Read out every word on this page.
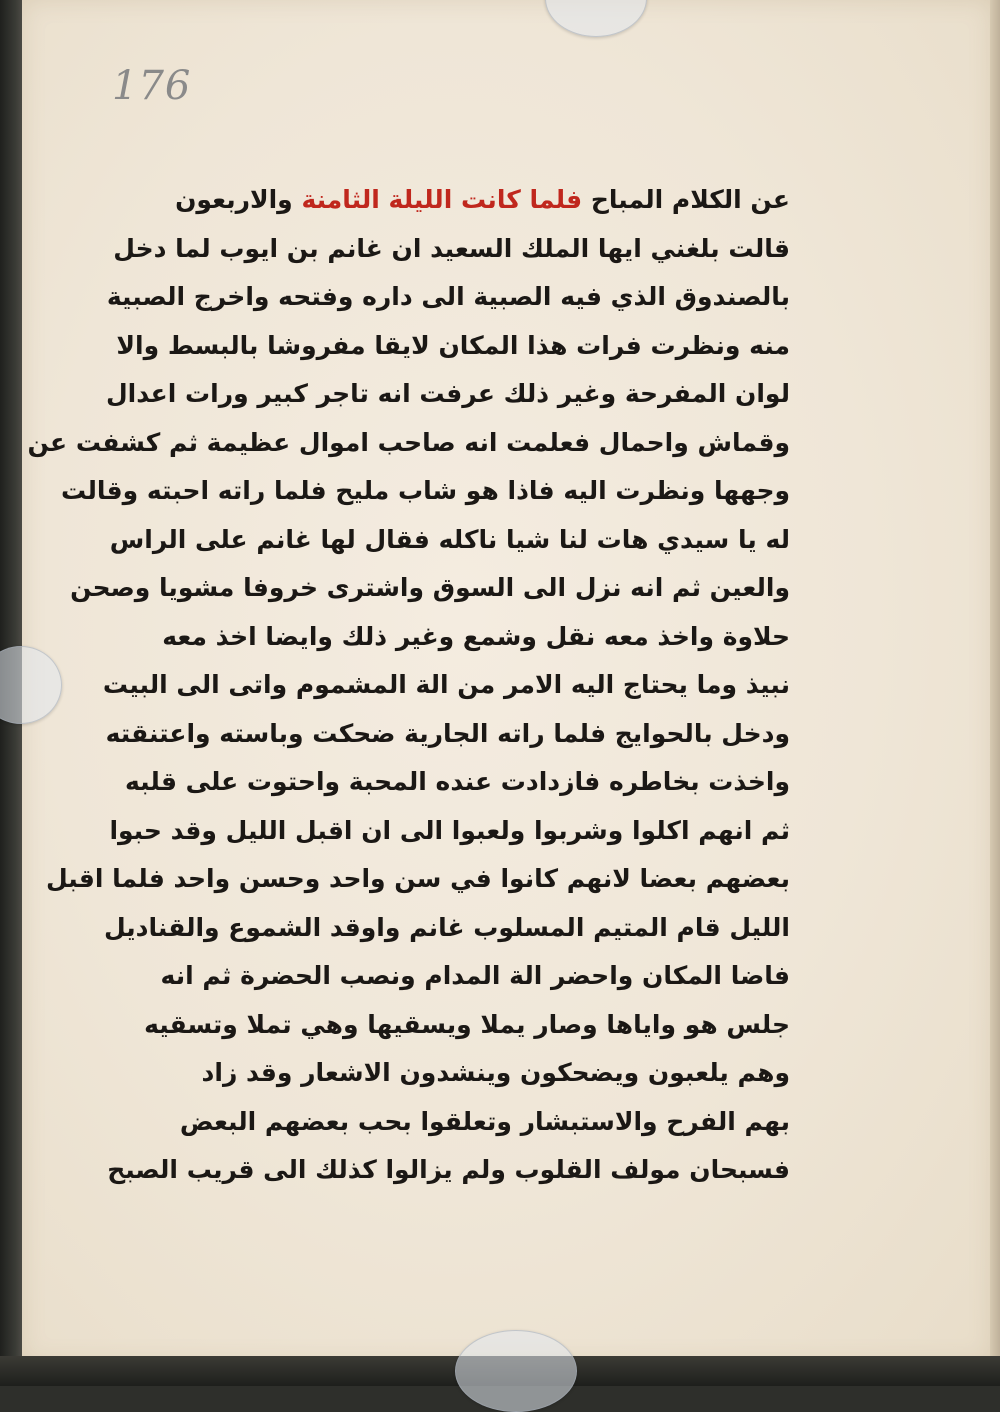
176
عن الكلام المباح فلما كانت الليلة الثامنة والاربعون
قالت بلغني ايها الملك السعيد ان غانم بن ايوب لما دخل
بالصندوق الذي فيه الصبية الى داره وفتحه واخرج الصبية
منه ونظرت فرات هذا المكان لايقا مفروشا بالبسط والا
لوان المفرحة وغير ذلك عرفت انه تاجر كبير ورات اعدال
وقماش واحمال فعلمت انه صاحب اموال عظيمة ثم كشفت عن
وجهها ونظرت اليه فاذا هو شاب مليح فلما راته احبته وقالت
له يا سيدي هات لنا شيا ناكله فقال لها غانم على الراس
والعين ثم انه نزل الى السوق واشترى خروفا مشويا وصحن
حلاوة واخذ معه نقل وشمع وغير ذلك وايضا اخذ معه
نبيذ وما يحتاج اليه الامر من الة المشموم واتى الى البيت
ودخل بالحوايج فلما راته الجارية ضحكت وباسته واعتنقته
واخذت بخاطره فازدادت عنده المحبة واحتوت على قلبه
ثم انهم اكلوا وشربوا ولعبوا الى ان اقبل الليل وقد حبوا
بعضهم بعضا لانهم كانوا في سن واحد وحسن واحد فلما اقبل
الليل قام المتيم المسلوب غانم واوقد الشموع والقناديل
فاضا المكان واحضر الة المدام ونصب الحضرة ثم انه
جلس هو واياها وصار يملا ويسقيها وهي تملا وتسقيه
وهم يلعبون ويضحكون وينشدون الاشعار وقد زاد
بهم الفرح والاستبشار وتعلقوا بحب بعضهم البعض
فسبحان مولف القلوب ولم يزالوا كذلك الى قريب الصبح
